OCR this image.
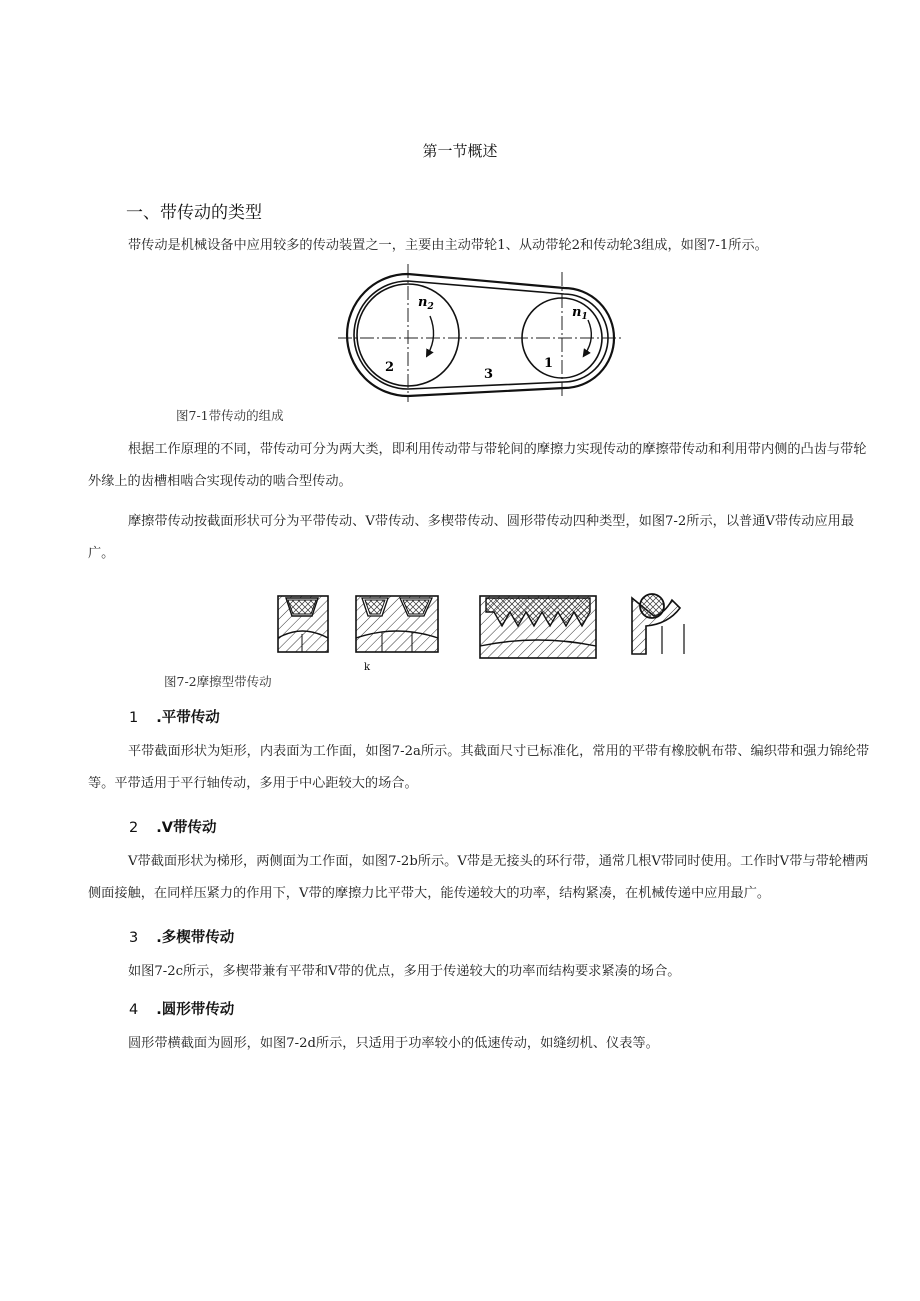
第一节概述
一、带传动的类型
带传动是机械设备中应用较多的传动装置之一，主要由主动带轮1、从动带轮2和传动轮3组成，如图7-1所示。
$n_2$	$n_1$
2	1
3
图7-1带传动的组成
根据工作原理的不同，带传动可分为两大类，即利用传动带与带轮间的摩擦力实现传动的摩擦带传动和利用带内侧的凸齿与带轮外缘上的齿槽相啮合实现传动的啮合型传动。
摩擦带传动按截面形状可分为平带传动、V带传动、多楔带传动、圆形带传动四种类型，如图7-2所示，以普通V带传动应用最广。
k
图7-2摩擦型带传动
1 .平带传动
平带截面形状为矩形，内表面为工作面，如图7-2a所示。其截面尺寸已标准化，常用的平带有橡胶帆布带、编织带和强力锦纶带等。平带适用于平行轴传动，多用于中心距较大的场合。
2 .V带传动
V带截面形状为梯形，两侧面为工作面，如图7-2b所示。V带是无接头的环行带，通常几根V带同时使用。工作时V带与带轮槽两侧面接触，在同样压紧力的作用下，V带的摩擦力比平带大，能传递较大的功率，结构紧凑，在机械传递中应用最广。
3 .多楔带传动
如图7-2c所示，多楔带兼有平带和V带的优点，多用于传递较大的功率而结构要求紧凑的场合。
4 .圆形带传动
圆形带横截面为圆形，如图7-2d所示，只适用于功率较小的低速传动，如缝纫机、仪表等。
